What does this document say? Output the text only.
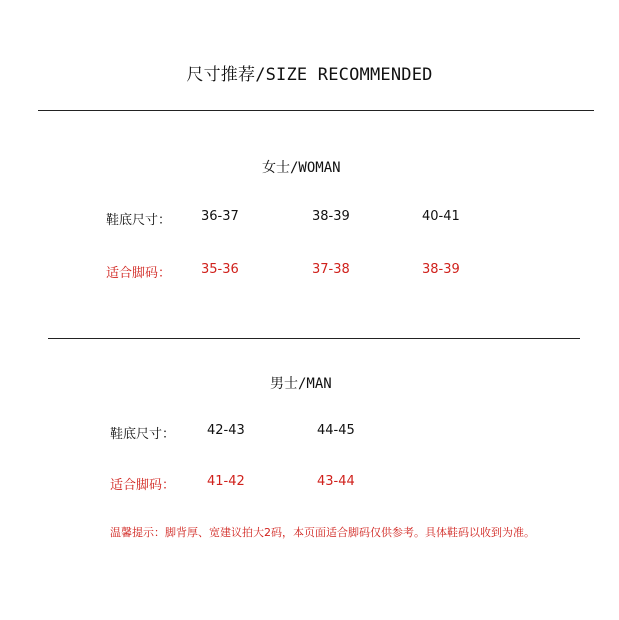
尺寸推荐/SIZE RECOMMENDED
女士/WOMAN
鞋底尺寸： 36-37	38-39	40-41
适合脚码： 35-36	37-38	38-39
男士/MAN
鞋底尺寸： 42-43	44-45
适合脚码： 41-42	43-44
温馨提示：脚背厚、宽建议拍大2码，本页面适合脚码仅供参考。具体鞋码以收到为准。
